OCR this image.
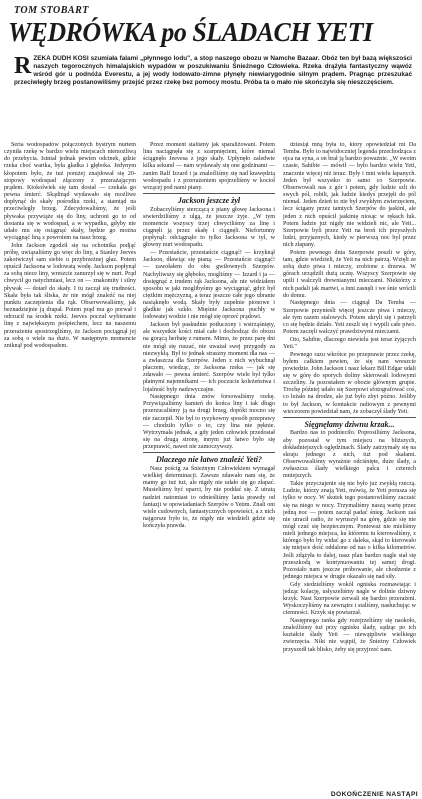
TOM STOBART
WĘDRÓWKA po ŚLADACH YETI

R ZEKA DUDH KOSI szumiała falami „płynnego lodu", a stop naszego obozu w Namche Bazaar. Obóz ten był bazą większości naszych tegorocznych himalajskich wypadów w poszukiwaniu Śnieżnego Człowieka. Rzeka drążyła fantastyczny wąwóz wśród gór u podnóża Everestu, a jej wody lodowato-zimne płynęły niewiarygodnie silnym prądem. Pragnąc przeszukać przeciwległy brzeg postanowiliśmy przejść przez rzekę bez pomocy mostu. Próba ta o mało nie skończyła się nieszczęściem.

Seria wodospadów połączonych bystrym nurtem czyniła rzekę w bardzo wielu miejscach niemożliwą do przebycia. Istniał jednak pewien odcinek, gdzie rzeka choć wartka, była gładka i głęboka. Jedynym kłopotem było, że tuż poniżej znajdował się 20-stopowy wodospad złączony z przerażającym prądem. Ktokolwiek się tam dostał — czekała go pewna śmierć. Skądinąd wydawało się możliwe dopłynąć do skały pośrodku rzeki, a stamtąd na przeciwległy brzeg. Zdecydowaliśmy, że jeśli pływaka przywiąże się do liny, uchroni go to od dostania się w wodospad, a w wypadku, gdyby nie udało mu się osiągnąć skały, będzie go można wyciągnąć liną z powrotem na nasz brzeg.

John Jackson zgodził się na ochotnika podjąć próbę, uwiązaliśmy go więc do liny, a Stanley Jeeves zakotwiczył sam siebie u przybrzeżnej głaz. Potem opuścił Jacksona w lodowatą wodę. Jackson popłynął za sobą niece liny, wreszcie zanurzył się w nurt. Prąd chwycił go natychmiast, lecz on — znakomity i silny pływak — dotarł do skały. I tu zaczął się trudności. Skała była tak śliska, że nie mógł znaleźć na niej punktu zaczepienia dla rąk. Obserwowaliśmy, jak beznadziejnie ją drapał. Potem prąd mu go porwał i odrzucił na środek rzeki. Jeeves poczuł wybieranie linę z największym pośpiechem, lecz na naszemu przerażeniu spostrzegliśmy, że Jackson pociągnął jej za sobą o wiele na dużo. W następnym momencie zniknął pod wodospadem.

Przez moment staliśmy jak sparaliżowani. Potem lina naciągnęła się z szarpnięciem, które niemal ściągnęło Jeevesa z jego skały. Upłynęło zaledwie kilka sekund — nam wydawały się one godzinami — zanim Ralf Izzard i ja znaleźliśmy się nad krawędzią wodospadu i z przerażeniem spojrzeliśmy w kocioł wrzącej pod nami piany.

Jackson jeszcze żył

Zobaczyliśmy sterczącą z piany głowę Jacksona i stwierdziliśmy z ulgą, że jeszcze żyje. „W tym momencie wszyscy trzej chwyciliśmy za linę i ciągnęli ją przez skałę i ciągnęli. Niefortunny popłynął: odciągnąło to tylko Jacksona w tył, w głowny nurt wodospadu.

— Przestańcie, przestańcie ciągnąć! — krzyknął Jackson, dławiąc się pianą. — Przestańcie ciągnąć! — zawołałem do obu gwiłownych Szerpów. Nachyliwszy się głęboko, mogliśmy — Izzard i ja — dosięgnąć z trudem rąk Jacksona, ale nie widziałem sposobu w jaki moglibyśmy go wyciągnąć, gdyż był ciężkim mężczyzną, a teraz jeszcze całe jego ubranie nasiąknęło wodą. Skały były zupełnie pionowe i gładkie jak szkło. Mięśnie Jacksona puchły w lodowatej wodzie i nie mógł się oprzeć prądowi.

Jackson był paskudnie potłuczony i wstrząśnięty, ale wszystkie kości miał całe i dochodząc do obozu na gorącą herbatę z rumem. Mimo, że przez parę dni nie mógł się ruszać, nie uważał swej przygody za niezwykłą. Był to jednak straszny moment dla nas — a zwłaszcza dla Szerpów. Jeden z nich wybuchnął płaczem, wiedząc, że Jacksona rzeka — jak się zdawało — pewna śmierć. Szerpów wiele był tylko płatnymi najemnikami — ich poczucie koleżeństwa i lojalność były nadzwyczajne.

Następnego dnia znów forsowaliśmy rzekę. Przywiązaliśmy kamień do końca liny i tak długo przerzucaliśmy ją na drugi brzeg, dopóki mocno się nie zaczepił. Nie był to ryzykowny sposób przeprawy — chodziło tylko o to, czy lina nie pęknie. Wytrzymała jednak, a gdy jeden człowiek przedostał się na drugą stronę, innym już łatwo było się przeprawić, nawet nie zamoczywszy.

Dlaczego nie łatwo znaleźć Yeti?

Nasz pościg za Śnieżnym Człowiekiem wymagał wielkiej determinacji. Zawsze zdawało nam się, że mamy go tuż tuż, ale nigdy nie udało się go złapać. Musieliśmy być uparci, by nie poddać się. Z utratą nadziei natomiast to odnieśliśmy lania prawdy od fantazji w opowiadaniach Szerpów o Yetim. Znali oni wiele cudownych, fantastycznych opowieści, a z nich najgorsze było to, że nigdy nie wiedzieli gdzie się kończyła prawda.

dziesiąt mną była to, który opowiedział mi Da Temba. Było to najwidoczniej legenda przechodząca z ojca na syna, a on brał ją bardzo poważnie. „W swoim czasie, Sahibie — mówił — było bardzo wielu Yeti, znacznie więcej niż teraz. Były i mni wielu łapanych. Jeden był wszystko to samo co Szerpowie. Obserwowali nas z gór i potem, gdy ludzie szli do swych pól, robili, jak ludzie kiedyś przejęli do pól niemal. Jeden dzień to nie był zwykłym zwierzęciem, lecz ścigany przez tamtych Szerpów do jaskini, ale jeden z nich opuścił jaskinię niosąc w rękach łuk. Potem ludzie już nigdy nie widzieli nic, ale Yeti... Szerpowie byli przez Yeti na broń ich przyszłych ludzi, przyjaznych, kiedy w pierwszą noc był przez nich złapany.

Potem pewnego dnia Szerpowie poszli w góry, tam, gdzie wiedzieli, że Yeti na nich patrzą. Wzięli ze sobą dużo piwa i mieczy, zrobione z drzewa. W górach urządzili dużą ucztę. Wszyscy Szerpowie się upili i walczyli drewnianymi mieczami. Niektórzy z nich padali jak martwi, a inni zasnęli i we śnie wrócili do domu.

Następnego dnia — ciągnął Da Temba — Szerpowie przynieśli więcej jeszcze piwa i mieczy, ale tym razem stalowych. Potem ukryli się i patrzyli co się będzie działo. Yeti zeszli się i wypili całe piwo. Potem zaczęli walczyć prawdziwymi mieczami.

Oto, Sahibie, dlaczego niewielu jest teraz żyjących Yeti."

Pewnego razu wkrótce po przeprawie przez rzekę, byłem całkiem pewien, że się nam wreszcie powiedzie. John Jackson i nasz lekarz Bill Edgar udali się w górę do sporych doliny skierowali lodowymi szczeliny. Ja pozostałem w obozie głównym grupie. Trochę później udało się Szerpowi sfotografować coś, co leżało na drodze, ale już było zbyt późno. Jeśliby to był Jackson, w kontakcie radiowym z pewnymi wieczorem powiedział nam, że zobaczył ślady Yeti.

Sięgnęłamy dziwnu krzak...

Bardzo nas to podnieciło. Poprosiliśmy Jacksona, aby pozostał w tym miejscu na bliższych, dokładniejszych oględzinach. Ślady zatrzymały się na skraju jednego z nich, tuż pod skałami. Obserwowaliśmy wyraźnie odciśnięte, duże ślady, a zwłaszcza ślady wielkiego palca i czterech mniejszych.

Takie przyczajenie się nie było już zwykłą rzeczą. Ludzie, którzy znają Yeti, mówią, że Yeti porusza się tylko w nocy. W skutek tego postanowiliśmy zaczaić się na niego w nocy. Trzymaliśmy naszą wartę przez jedną noc — potem zaczął padać śnieg. Jackson zaś nie utracił radio, że wyruszył na górę, gdzie się nie mógł czuć się bezpiecznym. Ponieważ nie mieliśmy mieli jednego miejsca, ku któremu tu kierowaliśmy, z którego było by widać go z daleka, skąd to kierowało się miejsce dość oddalone od nas o kilka kilometrów. Jeśli zdążyła to dalej, nasz plan bardzo nagle stał się przeszkodą w kontynuowaniu tej samej drogi. Pozostało nam jeszcze próbowanie, ale chodzenie z jednego miejsca w drugie okazało się nad siły.

Gdy siedzieliśmy wokół ogniska rozmawiając i jedząc kolację, usłyszeliśmy nagle w dolinie dziwny krzyk. Nasi Szerpowie zerwali się bardzo przerażeni. Wyskoczyliśmy na zewnątrz i staliśmy, nasłuchując w ciemności. Krzyk się powtarzał.

Następnego ranka gdy rozejrzeliśmy się naokoło, znaleźliśmy tuż przy ognisku ślady, sądząc po ich kształcie ślady Yeti — niewątpliwie wielkiego zwierzęcia. Nikt nie wątpił, że Śnieżny Człowiek przyszedł tak blisko, żeby się przyjrzeć nam.

DOKOŃCZENIE NASTĄPI
